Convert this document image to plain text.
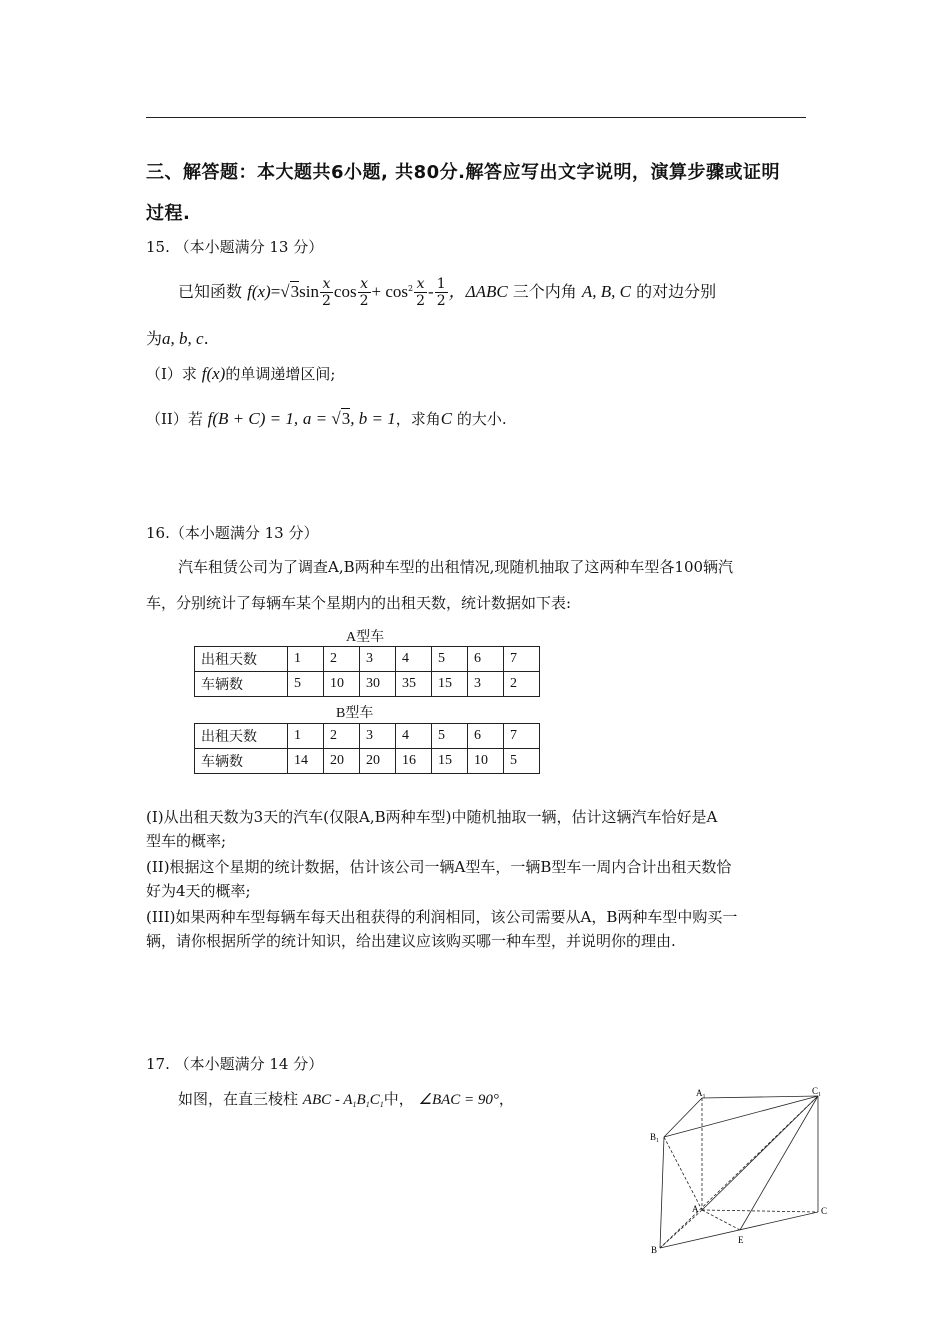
三、解答题：本大题共6小题, 共80分.解答应写出文字说明，演算步骤或证明
过程.
15. （本小题满分 13 分）
已知函数 $f(x)=√3\sin \frac{x}{2}$ $\cos \frac{x}{2} + \cos^2 \frac{x}{2} - \frac{1}{2}$ ，ΔABC 三个内角 A, B, C 的对边分别
为a, b, c.
（I）求 f(x)的单调递增区间;
（II）若 f(B + C) = 1, a = √3, b = 1，求角C 的大小.
16.（本小题满分 13 分）
汽车租赁公司为了调查A,B两种车型的出租情况,现随机抽取了这两种车型各100辆汽
车，分别统计了每辆车某个星期内的出租天数，统计数据如下表:
A型车
出租天数	1	2	3	4	5	6	7
车辆数	5	10	30	35	15	3	2
B型车
出租天数	1	2	3	4	5	6	7
车辆数	14	20	20	16	15	10	5
(I)从出租天数为3天的汽车(仅限A,B两种车型)中随机抽取一辆，估计这辆汽车恰好是A
型车的概率;
(II)根据这个星期的统计数据，估计该公司一辆A型车，一辆B型车一周内合计出租天数恰
好为4天的概率;
(III)如果两种车型每辆车每天出租获得的利润相同，该公司需要从A，B两种车型中购买一
辆，请你根据所学的统计知识，给出建议应该购买哪一种车型，并说明你的理由.
17. （本小题满分 14 分）
如图，在直三棱柱 ABC - $A_1B_1C_1$中， ∠BAC = 90°，	$A_1$
$C_1$
$B_1$
A	C
B
E
